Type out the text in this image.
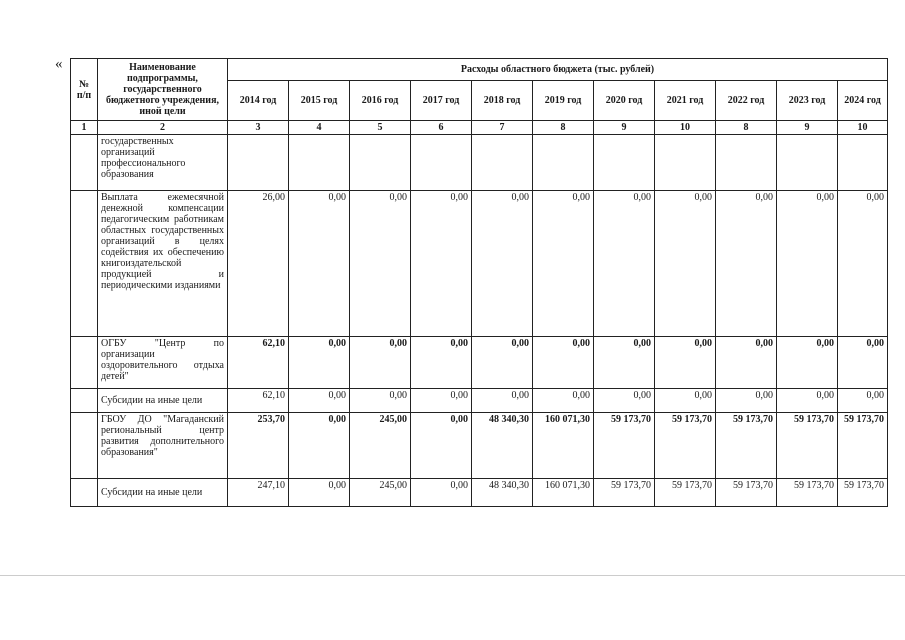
«
№ п/п	Наименование подпрограммы, государственного бюджетного учреждения, иной цели	Расходы областного бюджета (тыс. рублей)										
		2014 год	2015 год	2016 год	2017 год	2018 год	2019 год	2020 год	2021 год	2022 год	2023 год	2024 год
1	2	3	4	5	6	7	8	9	10	8	9	10
	государственных организаций профессионального образования											
	Выплата ежемесячной денежной компенсации педагогическим работникам областных государственных организаций в целях содействия их обеспечению книгоиздательской продукцией и периодическими изданиями	26,00	0,00	0,00	0,00	0,00	0,00	0,00	0,00	0,00	0,00	0,00
	ОГБУ "Центр по организации оздоровительного отдыха детей"	62,10	0,00	0,00	0,00	0,00	0,00	0,00	0,00	0,00	0,00	0,00
	Субсидии на иные цели	62,10	0,00	0,00	0,00	0,00	0,00	0,00	0,00	0,00	0,00	0,00
	ГБОУ ДО "Магаданский региональный центр развития дополнительного образования"	253,70	0,00	245,00	0,00	48 340,30	160 071,30	59 173,70	59 173,70	59 173,70	59 173,70	59 173,70
	Субсидии на иные цели	247,10	0,00	245,00	0,00	48 340,30	160 071,30	59 173,70	59 173,70	59 173,70	59 173,70	59 173,70
